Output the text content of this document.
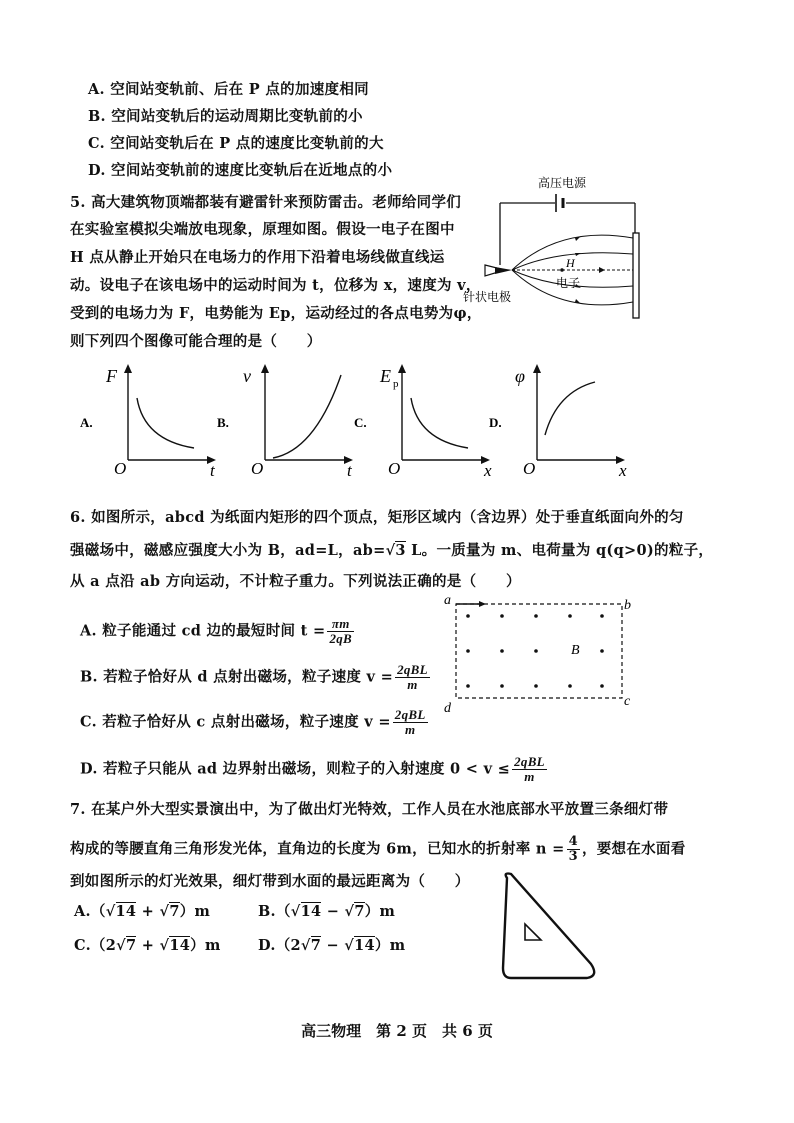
A. 空间站变轨前、后在 P 点的加速度相同
B. 空间站变轨后的运动周期比变轨前的小
C. 空间站变轨后在 P 点的速度比变轨前的大
D. 空间站变轨前的速度比变轨后在近地点的小
5. 高大建筑物顶端都装有避雷针来预防雷击。老师给同学们
在实验室模拟尖端放电现象，原理如图。假设一电子在图中
H 点从静止开始只在电场力的作用下沿着电场线做直线运
动。设电子在该电场中的运动时间为 t，位移为 x，速度为 v，
受到的电场力为 F，电势能为 Ep，运动经过的各点电势为φ，
则下列四个图像可能合理的是（　　）
高压电源
H
电子
针状电极
A.
F
O	t
B.
v
O	t
C.
E p
O	x
D.
φ
O	x
6. 如图所示，abcd 为纸面内矩形的四个顶点，矩形区域内（含边界）处于垂直纸面向外的匀
强磁场中，磁感应强度大小为 B，ad=L，ab=√3 L。一质量为 m、电荷量为 q(q>0)的粒子，
从 a 点沿 ab 方向运动，不计粒子重力。下列说法正确的是（　　）
A. 粒子能通过 cd 边的最短时间 $t = \frac{\pi m}{2qB}$
B. 若粒子恰好从 d 点射出磁场，粒子速度 $v = \frac{\text{2qBL}}{m}$
C. 若粒子恰好从 c 点射出磁场，粒子速度 $v = \frac{\text{2qBL}}{m}$
D. 若粒子只能从 ad 边界射出磁场，则粒子的入射速度 $0 < v \le \frac{\text{2qBL}}{m}$
a	b
c
d
B
7. 在某户外大型实景演出中，为了做出灯光特效，工作人员在水池底部水平放置三条细灯带
构成的等腰直角三角形发光体，直角边的长度为 6m，已知水的折射率 $n = \frac{4}{3}$ ，要想在水面看
到如图所示的灯光效果，细灯带到水面的最远距离为（　　）
A.（√14 + √7）m	B.（√14 − √7）m
C.（2√7 + √14）m	D.（2√7 − √14）m
高三物理　第 2 页　共 6 页
